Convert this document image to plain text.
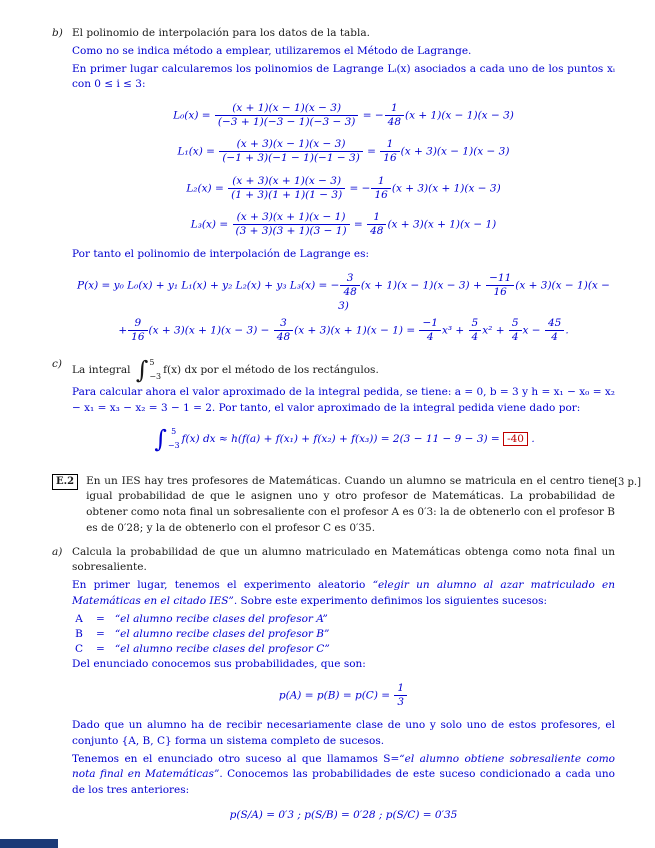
b) El polinomio de interpolación para los datos de la tabla.

Como no se indica método a emplear, utilizaremos el Método de Lagrange.

En primer lugar calcularemos los polinomios de Lagrange Lᵢ(x) asociados a cada uno de los puntos xᵢ con 0 ≤ i ≤ 3:

$L_0(x) = \frac{(x + 1)(x - 1)(x - 3)}{(-3 + 1)(-3 - 1)(-3 - 3)}$ = − $\frac{1}{48} (x + 1)(x - 1)(x - 3)$
$L_1(x) = \frac{(x + 3)(x - 1)(x - 3)}{(-1 + 3)(-1 - 1)(-1 - 3)} = \frac{1}{16} (x + 3)(x - 1)(x - 3)$
$L_2(x) = \frac{(x + 3)(x + 1)(x - 3)}{(1 + 3)(1 + 1)(1 - 3)}$ = − $\frac{1}{16} (x + 3)(x + 1)(x - 3)$
$L_3(x) = \frac{(x + 3)(x + 1)(x - 1)}{(3 + 3)(3 + 1)(3 - 1)} = \frac{1}{48} (x + 3)(x + 1)(x - 1)$

Por tanto el polinomio de interpolación de Lagrange es:

P(x) = y₀ L₀(x) + y₁ L₁(x) + y₂ L₂(x) + y₃ L₃(x) = − $\frac{3}{48} (x + 1)(x - 1)(x - 3) + \frac{-11}{16} (x + 3)(x - 1)(x - 3)$
+ $\frac{9}{16} (x + 3)(x + 1)(x - 3) - \frac{3}{48} (x + 3)(x + 1)(x - 1) = \frac{-1}{4} x^3 + \frac{5}{4} x^2 + \frac{5}{4}$ $x - \frac{45}{4}$ .
c) La integral ∫ 5
−3
f(x) dx por el método de los rectángulos.

Para calcular ahora el valor aproximado de la integral pedida, se tiene: a = 0, b = 3 y h = x₁ − x₀ = x₂ − x₁ = x₃ − x₂ = 3 − 1 = 2. Por tanto, el valor aproximado de la integral pedida viene dado por:

∫ 5
−3
f(x) dx ≈ h(f(a) + f(x₁) + f(x₂) + f(x₃)) = 2(3 − 11 − 9 − 3) = -40 .
[3 p.]
E.2	En un IES hay tres profesores de Matemáticas. Cuando un alumno se matricula en el centro tiene igual probabilidad de que le asignen uno y otro profesor de Matemáticas. La probabilidad de obtener como nota final un sobresaliente con el profesor A es 0′3: la de obtenerlo con el profesor B es de 0′28; y la de obtenerlo con el profesor C es 0′35.

a) Calcula la probabilidad de que un alumno matriculado en Matemáticas obtenga como nota final un sobresaliente.

En primer lugar, tenemos el experimento aleatorio “elegir un alumno al azar matriculado en Matemáticas en el citado IES”. Sobre este experimento definimos los siguientes sucesos:

A	= “el alumno recibe clases del profesor A”
B = “el alumno recibe clases del profesor B”
C = “el alumno recibe clases del profesor C”

Del enunciado conocemos sus probabilidades, que son:

$p(A) = p(B) = p(C) = \frac{1}{3}$

Dado que un alumno ha de recibir necesariamente clase de uno y solo uno de estos profesores, el conjunto {A, B, C} forma un sistema completo de sucesos.

Tenemos en el enunciado otro suceso al que llamamos S=“el alumno obtiene sobresaliente como nota final en Matemáticas”. Conocemos las probabilidades de este suceso condicionado a cada uno de los tres anteriores:

p(S/A) = 0′3 ; p(S/B) = 0′28 ; p(S/C) = 0′35
